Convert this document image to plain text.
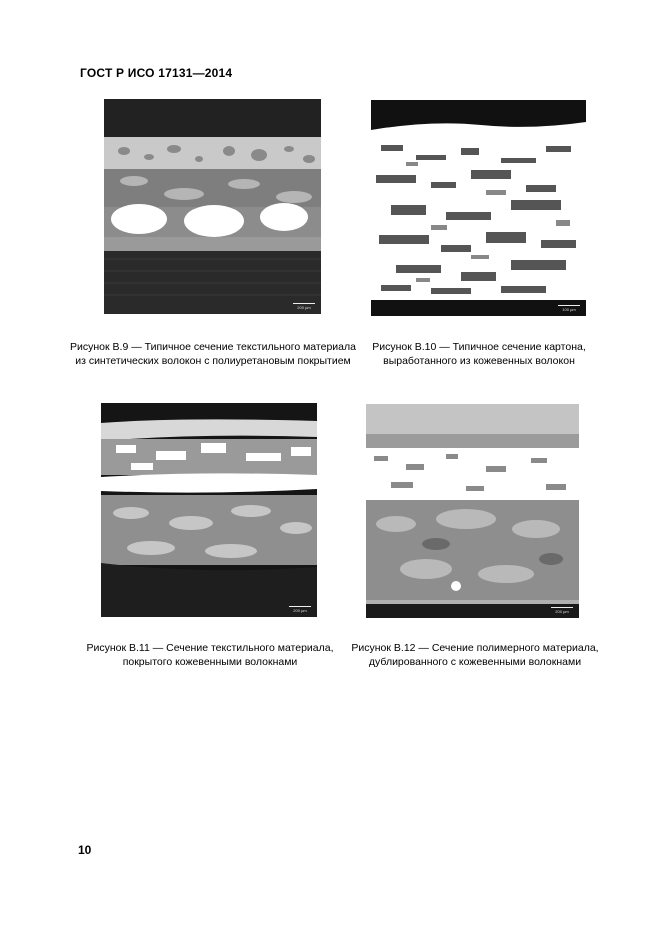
ГОСТ Р ИСО 17131—2014
200 µm
Рисунок В.9 — Типичное сечение текстильного материала из синтетических волокон с полиуретановым покрытием
100 µm
Рисунок В.10 — Типичное сечение картона, выработанного из кожевенных волокон
200 µm
Рисунок В.11 — Сечение текстильного материала, покрытого кожевенными волокнами
200 µm
Рисунок В.12 — Сечение полимерного материала, дублированного с кожевенными волокнами
10
